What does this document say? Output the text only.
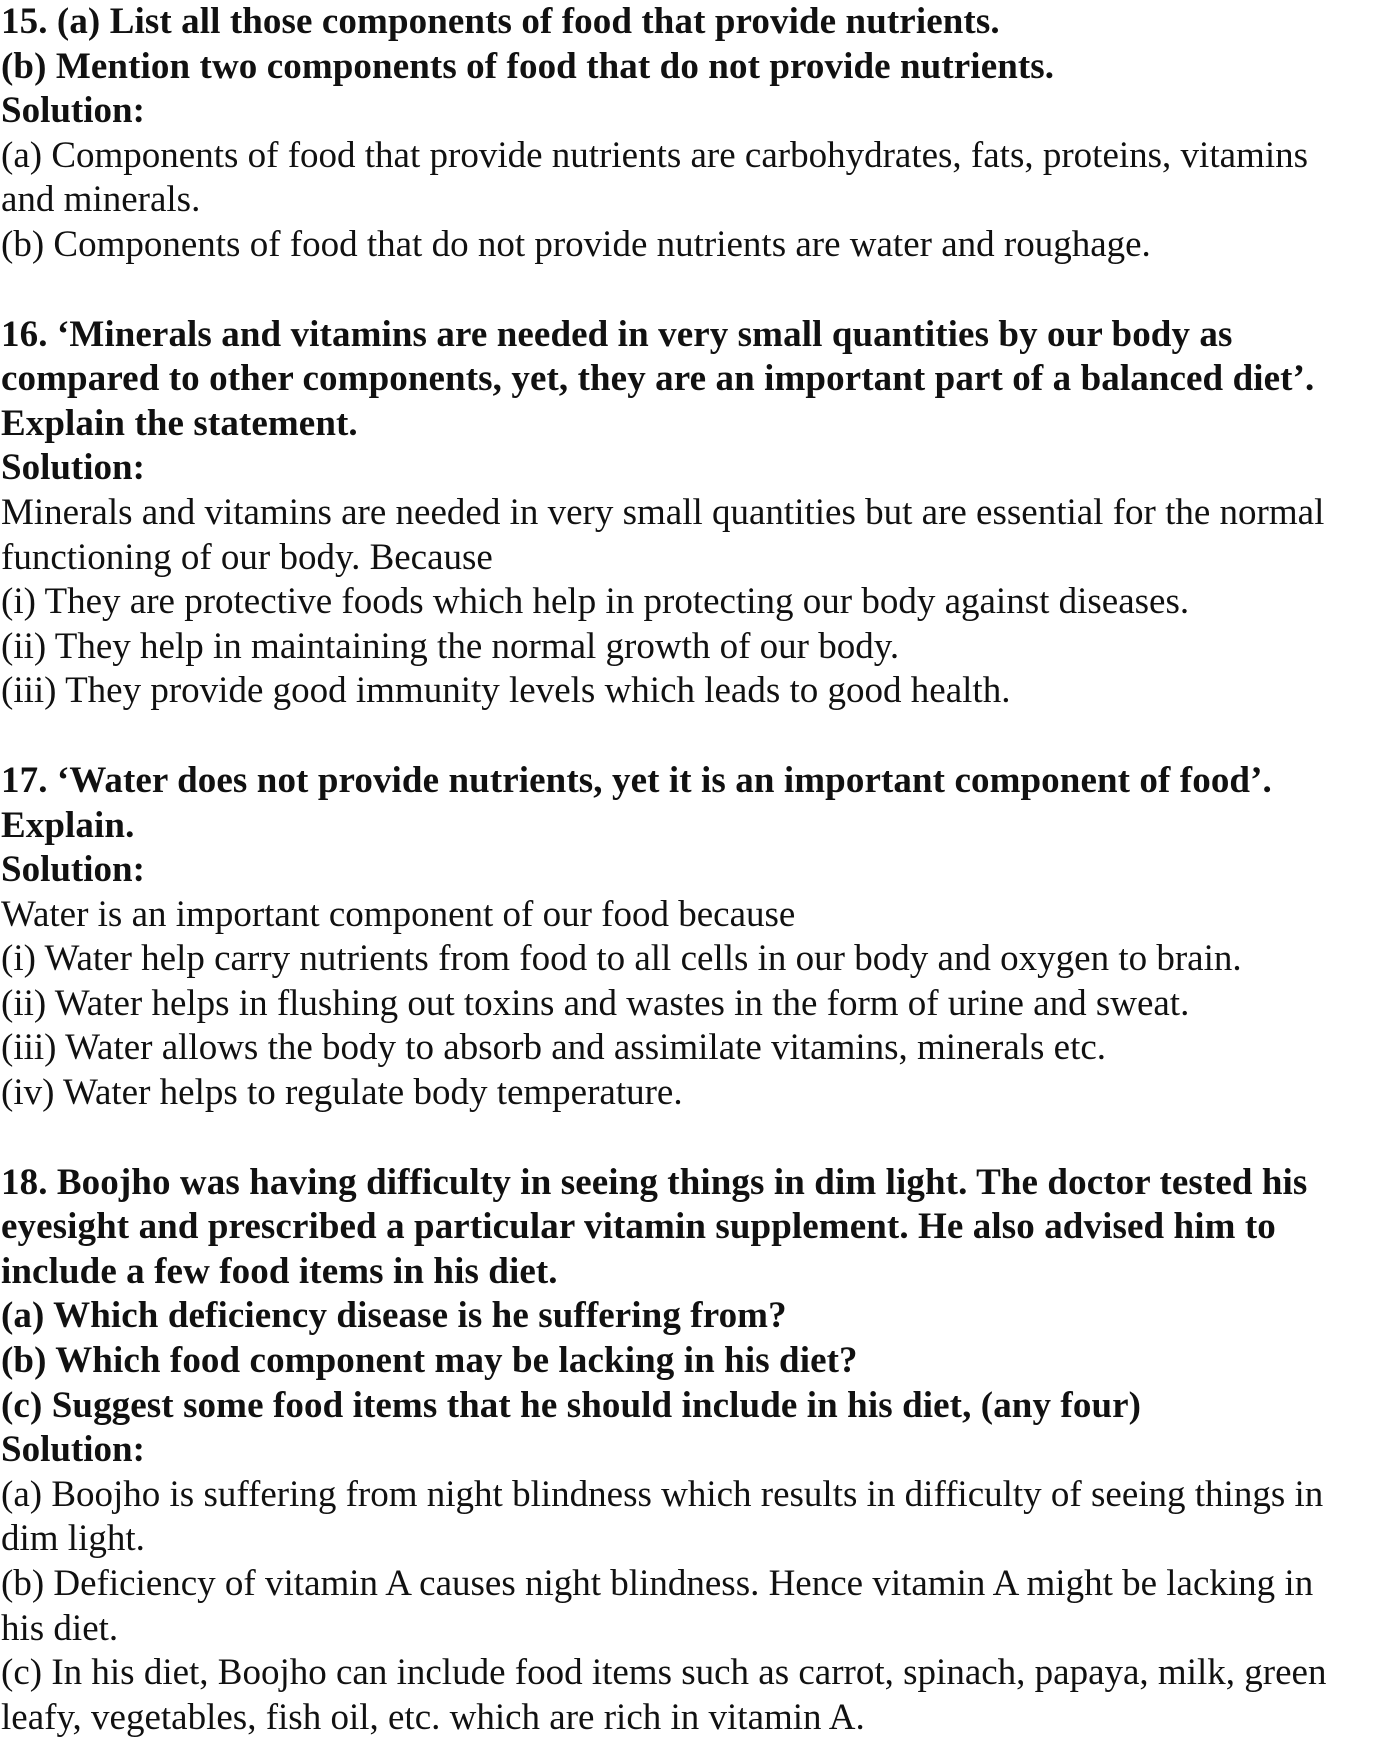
15. (a) List all those components of food that provide nutrients.
(b) Mention two components of food that do not provide nutrients.
Solution:
(a) Components of food that provide nutrients are carbohydrates, fats, proteins, vitamins
and minerals.
(b) Components of food that do not provide nutrients are water and roughage.
16. ‘Minerals and vitamins are needed in very small quantities by our body as
compared to other components, yet, they are an important part of a balanced diet’.
Explain the statement.
Solution:
Minerals and vitamins are needed in very small quantities but are essential for the normal
functioning of our body. Because
(i) They are protective foods which help in protecting our body against diseases.
(ii) They help in maintaining the normal growth of our body.
(iii) They provide good immunity levels which leads to good health.
17. ‘Water does not provide nutrients, yet it is an important component of food’.
Explain.
Solution:
Water is an important component of our food because
(i) Water help carry nutrients from food to all cells in our body and oxygen to brain.
(ii) Water helps in flushing out toxins and wastes in the form of urine and sweat.
(iii) Water allows the body to absorb and assimilate vitamins, minerals etc.
(iv) Water helps to regulate body temperature.
18. Boojho was having difficulty in seeing things in dim light. The doctor tested his
eyesight and prescribed a particular vitamin supplement. He also advised him to
include a few food items in his diet.
(a) Which deficiency disease is he suffering from?
(b) Which food component may be lacking in his diet?
(c) Suggest some food items that he should include in his diet, (any four)
Solution:
(a) Boojho is suffering from night blindness which results in difficulty of seeing things in
dim light.
(b) Deficiency of vitamin A causes night blindness. Hence vitamin A might be lacking in
his diet.
(c) In his diet, Boojho can include food items such as carrot, spinach, papaya, milk, green
leafy, vegetables, fish oil, etc. which are rich in vitamin A.
